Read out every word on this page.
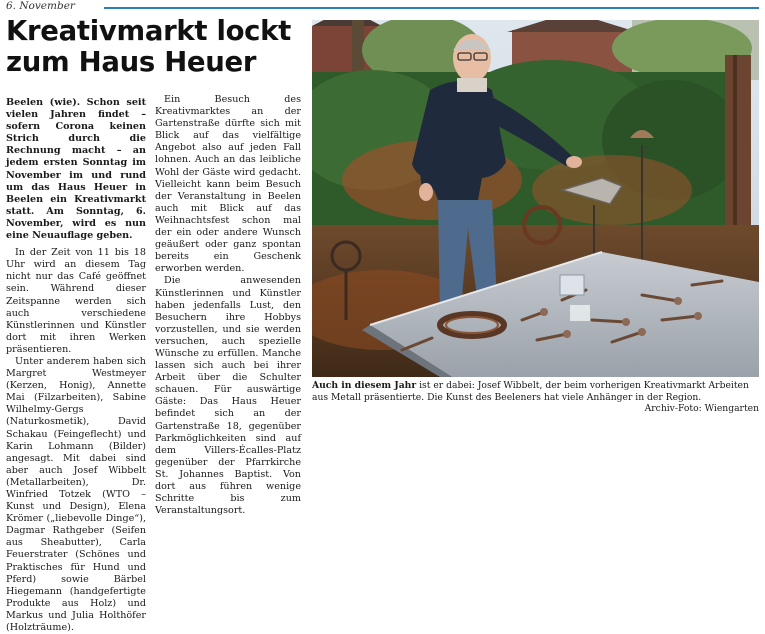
6. November
Kreativmarkt lockt
zum Haus Heuer

Beelen (wie). Schon seit vielen Jahren findet – sofern Corona keinen Strich durch die Rechnung macht – an jedem ersten Sonntag im November im und rund um das Haus Heuer in Beelen ein Kreativmarkt statt. Am Sonntag, 6. November, wird es nun eine Neuauflage geben.

In der Zeit von 11 bis 18 Uhr wird an diesem Tag nicht nur das Café geöffnet sein. Während dieser Zeitspanne werden sich auch verschiedene Künstlerinnen und Künstler dort mit ihren Werken präsentieren.

Unter anderem haben sich Margret Westmeyer (Kerzen, Honig), Annette Mai (Filzarbeiten), Sabine Wilhelmy-Gergs (Naturkosmetik), David Schakau (Feingeflecht) und Karin Lohmann (Bilder) angesagt. Mit dabei sind aber auch Josef Wibbelt (Metallarbeiten), Dr. Winfried Totzek (WTO – Kunst und Design), Elena Krömer („liebevolle Dinge“), Dagmar Rathgeber (Seifen aus Sheabutter), Carla Feuerstrater (Schönes und Praktisches für Hund und Pferd) sowie Bärbel Hiegemann (handgefertigte Produkte aus Holz) und Markus und Julia Holthöfer (Holzträume).

Ein Besuch des Kreativmarktes an der Gartenstraße dürfte sich mit Blick auf das vielfältige Angebot also auf jeden Fall lohnen. Auch an das leibliche Wohl der Gäste wird gedacht. Vielleicht kann beim Besuch der Veranstaltung in Beelen auch mit Blick auf das Weihnachtsfest schon mal der ein oder andere Wunsch geäußert oder ganz spontan bereits ein Geschenk erworben werden.

Die anwesenden Künstlerinnen und Künstler haben jedenfalls Lust, den Besuchern ihre Hobbys vorzustellen, und sie werden versuchen, auch spezielle Wünsche zu erfüllen. Manche lassen sich auch bei ihrer Arbeit über die Schulter schauen. Für auswärtige Gäste: Das Haus Heuer befindet sich an der Gartenstraße 18, gegenüber Parkmöglichkeiten sind auf dem Villers-Écalles-Platz gegenüber der Pfarrkirche St. Johannes Baptist. Von dort aus führen wenige Schritte bis zum Veranstaltungsort.

Auch in diesem Jahr ist er dabei: Josef Wibbelt, der beim vorherigen Kreativmarkt Arbeiten aus Metall präsentierte. Die Kunst des Beeleners hat viele Anhänger in der Region.
Archiv-Foto: Wiengarten
